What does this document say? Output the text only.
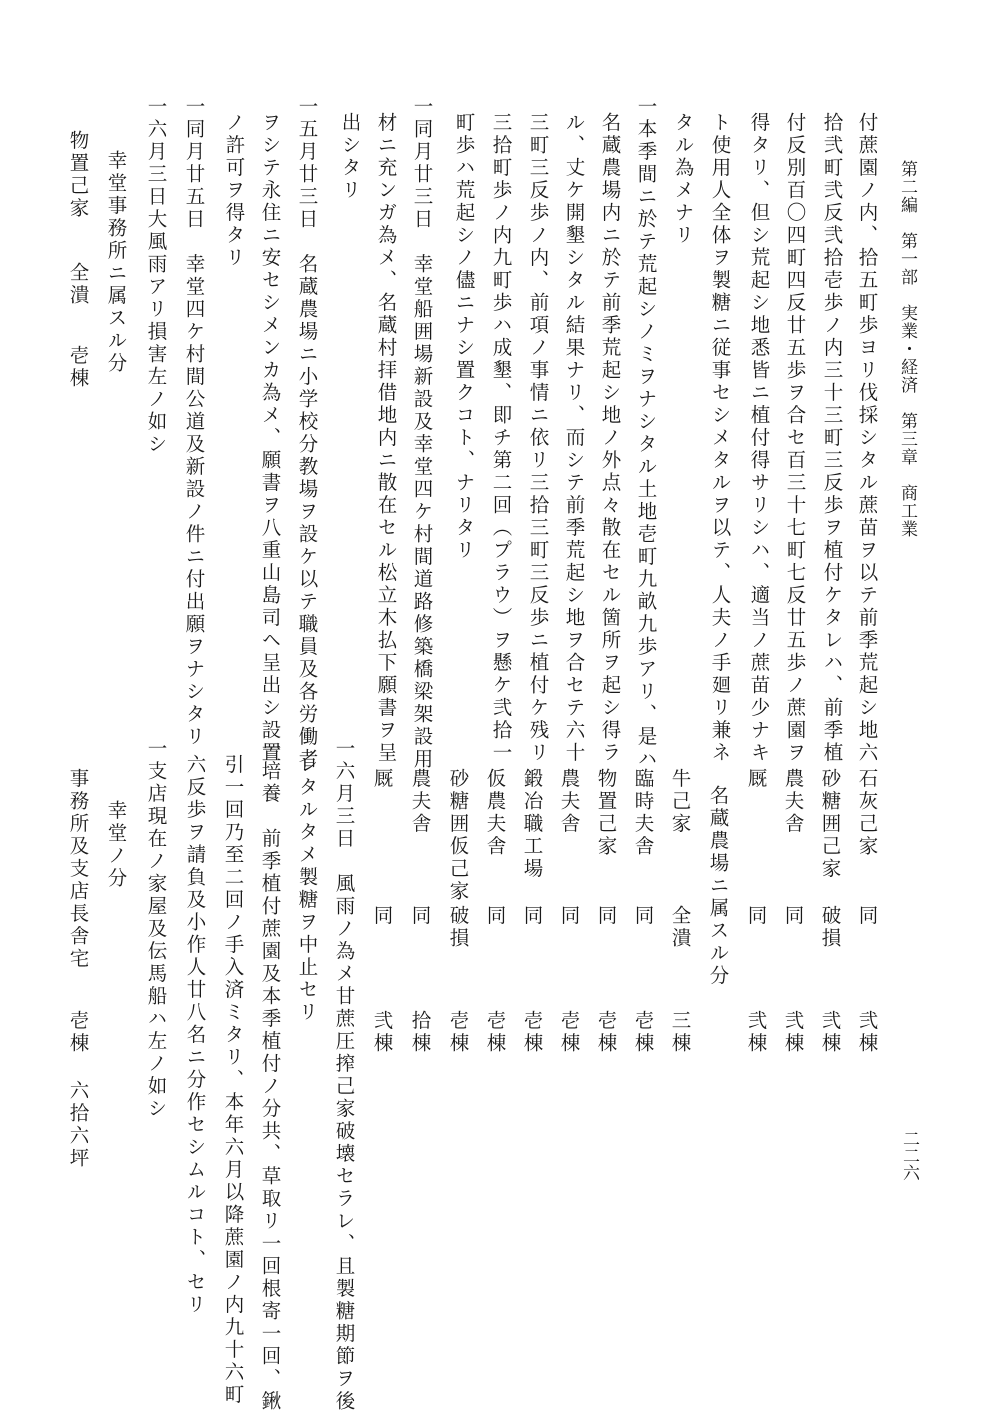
第二編　第一部　実業・経済　第三章　商工業
二二六
付蔗園ノ内、拾五町歩ヨリ伐採シタル蔗苗ヲ以テ前季荒起シ地六
拾弐町弐反弐拾壱歩ノ内三十三町三反歩ヲ植付ケタレハ、前季植
付反別百〇四町四反廿五歩ヲ合セ百三十七町七反廿五歩ノ蔗園ヲ
得タリ、但シ荒起シ地悉皆ニ植付得サリシハ、適当ノ蔗苗少ナキ
ト使用人全体ヲ製糖ニ従事セシメタルヲ以テ、人夫ノ手廻リ兼ネ
タル為メナリ
一本季間ニ於テ荒起シノミヲナシタル土地壱町九畝九歩アリ、是ハ
名蔵農場内ニ於テ前季荒起シ地ノ外点々散在セル箇所ヲ起シ得ラ
ル、丈ケ開墾シタル結果ナリ、而シテ前季荒起シ地ヲ合セテ六十
三町三反歩ノ内、前項ノ事情ニ依リ三拾三町三反歩ニ植付ケ残リ
三拾町歩ノ内九町歩ハ成墾、即チ第二回（プラウ）ヲ懸ケ弐拾一
町歩ハ荒起シノ儘ニナシ置クコト、ナリタリ
一同月廿三日　幸堂船囲場新設及幸堂四ケ村間道路修築橋梁架設用
材ニ充ンガ為メ、名蔵村拝借地内ニ散在セル松立木払下願書ヲ呈
出シタリ
一五月廿三日　名蔵農場ニ小学校分教場ヲ設ケ以テ職員及各労働者
ヲシテ永住ニ安セシメンカ為メ、願書ヲ八重山島司ヘ呈出シ設置
ノ許可ヲ得タリ
一同月廿五日　幸堂四ケ村間公道及新設ノ件ニ付出願ヲナシタリ
一六月三日大風雨アリ損害左ノ如シ
幸堂事務所ニ属スル分
物置己家
全潰
壱棟
石灰己家
同
弐棟
砂糖囲己家
破損
弐棟
農夫舎
同
弐棟
厩
同
弐棟
名蔵農場ニ属スル分
牛己家
全潰
三棟
臨時夫舎
同
壱棟
物置己家
同
壱棟
農夫舎
同
壱棟
鍛冶職工場
同
壱棟
仮農夫舎
同
壱棟
砂糖囲仮己家
破損
壱棟
農夫舎
同
拾棟
厩
同
弐棟
一六月三日　風雨ノ為メ甘蔗圧搾己家破壊セラレ、且製糖期節ヲ後
レタルタメ製糖ヲ中止セリ
一培養　前季植付蔗園及本季植付ノ分共、草取リ一回根寄一回、鍬
引一回乃至二回ノ手入済ミタリ、本年六月以降蔗園ノ内九十六町
六反歩ヲ請負及小作人廿八名ニ分作セシムルコト、セリ
一支店現在ノ家屋及伝馬船ハ左ノ如シ
幸堂ノ分
事務所及支店長舎宅
壱棟
六拾六坪
